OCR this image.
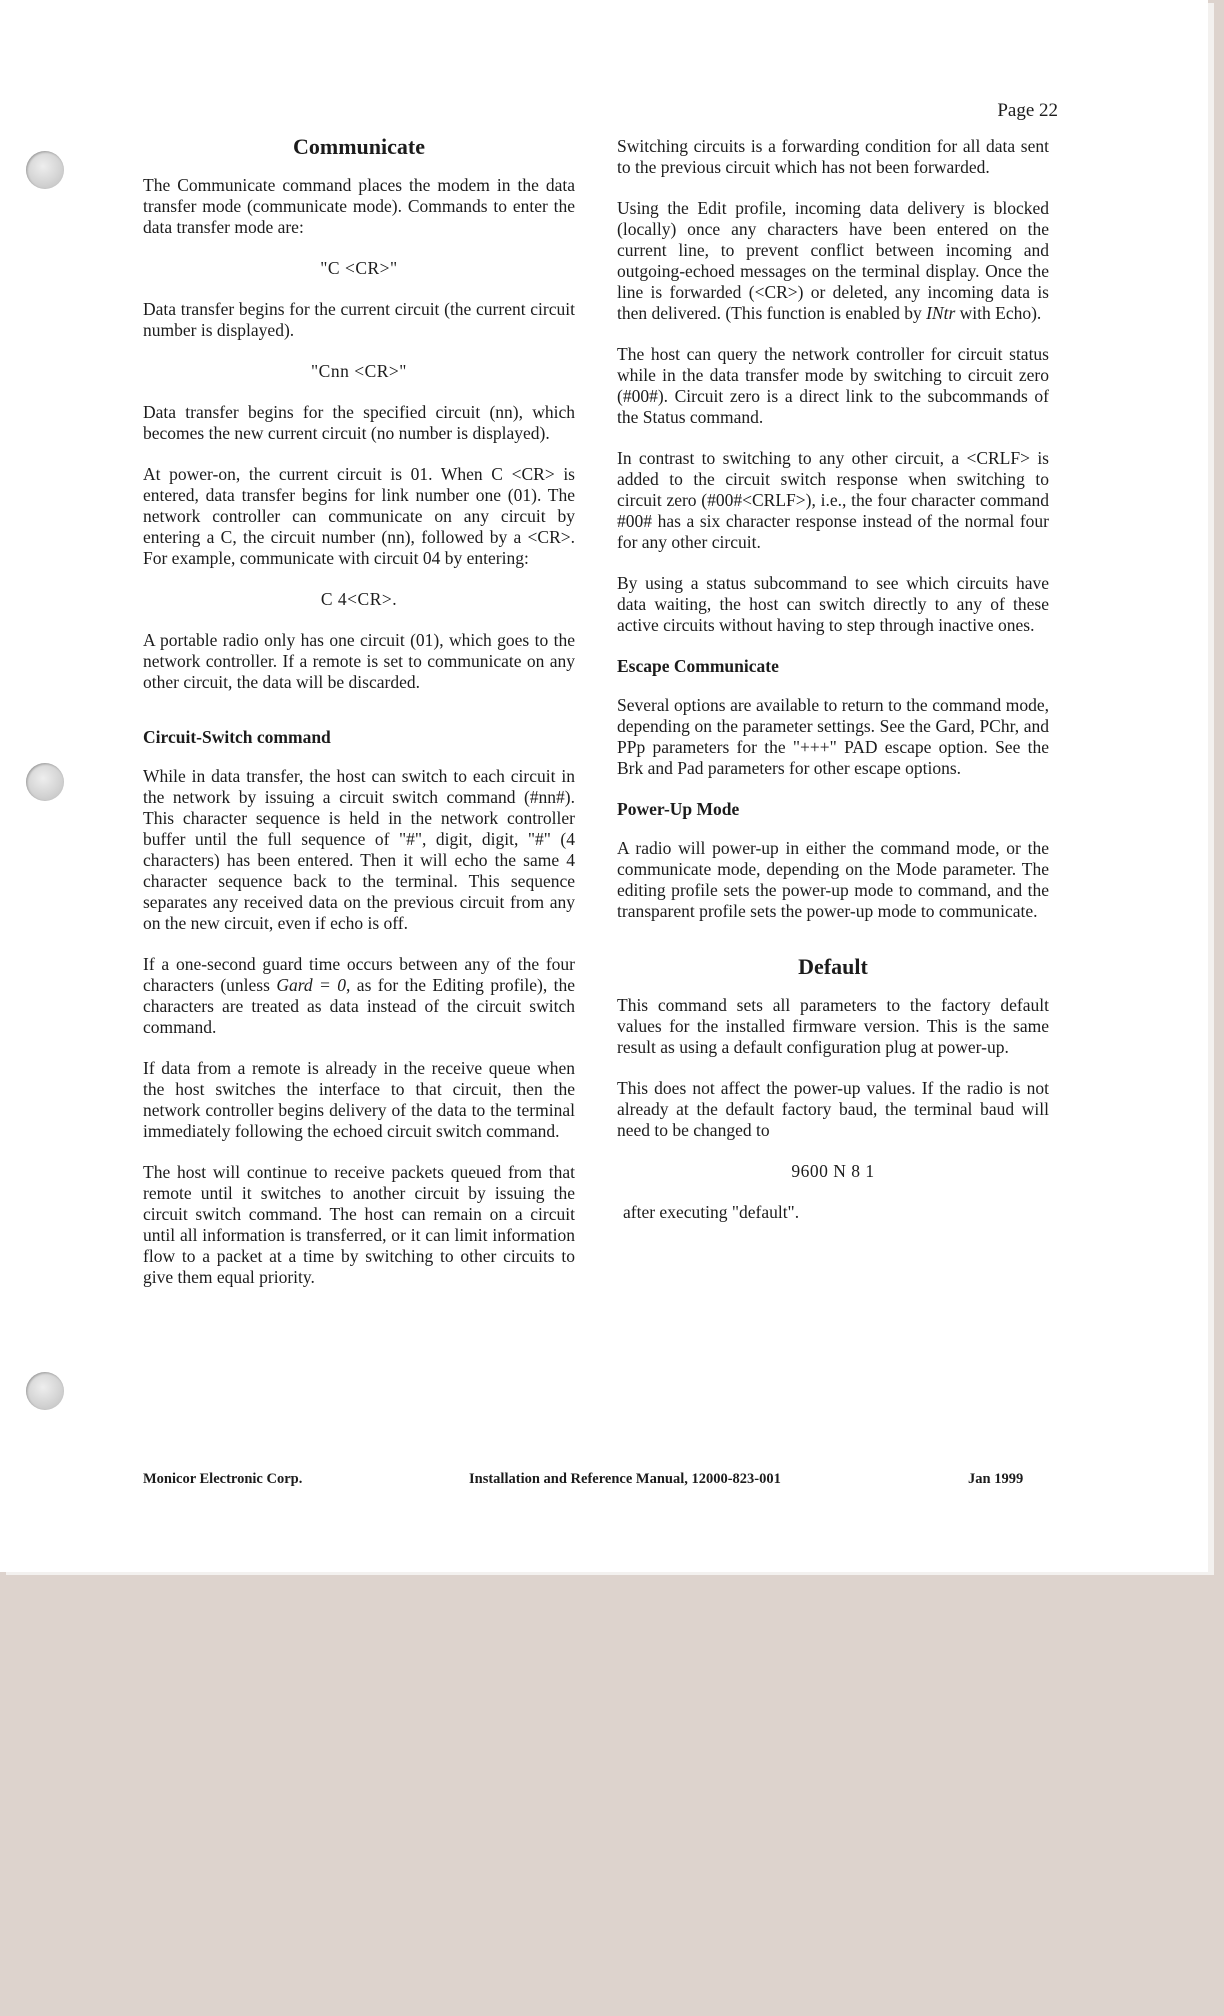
Page 22
Communicate

The Communicate command places the modem in the data transfer mode (communicate mode). Commands to enter the data transfer mode are:

"C <CR>"

Data transfer begins for the current circuit (the current circuit number is displayed).

"Cnn <CR>"

Data transfer begins for the specified circuit (nn), which becomes the new current circuit (no number is displayed).

At power-on, the current circuit is 01. When C <CR> is entered, data transfer begins for link number one (01). The network controller can communicate on any circuit by entering a C, the circuit number (nn), followed by a <CR>. For example, communicate with circuit 04 by entering:

C 4<CR>.

A portable radio only has one circuit (01), which goes to the network controller. If a remote is set to communicate on any other circuit, the data will be discarded.

Circuit-Switch command

While in data transfer, the host can switch to each circuit in the network by issuing a circuit switch command (#nn#). This character sequence is held in the network controller buffer until the full sequence of "#", digit, digit, "#" (4 characters) has been entered. Then it will echo the same 4 character sequence back to the terminal. This sequence separates any received data on the previous circuit from any on the new circuit, even if echo is off.

If a one-second guard time occurs between any of the four characters (unless Gard = 0, as for the Editing profile), the characters are treated as data instead of the circuit switch command.

If data from a remote is already in the receive queue when the host switches the interface to that circuit, then the network controller begins delivery of the data to the terminal immediately following the echoed circuit switch command.

The host will continue to receive packets queued from that remote until it switches to another circuit by issuing the circuit switch command. The host can remain on a circuit until all information is transferred, or it can limit information flow to a packet at a time by switching to other circuits to give them equal priority.

Switching circuits is a forwarding condition for all data sent to the previous circuit which has not been forwarded.

Using the Edit profile, incoming data delivery is blocked (locally) once any characters have been entered on the current line, to prevent conflict between incoming and outgoing-echoed messages on the terminal display. Once the line is forwarded (<CR>) or deleted, any incoming data is then delivered. (This function is enabled by INtr with Echo).

The host can query the network controller for circuit status while in the data transfer mode by switching to circuit zero (#00#). Circuit zero is a direct link to the subcommands of the Status command.

In contrast to switching to any other circuit, a <CRLF> is added to the circuit switch response when switching to circuit zero (#00#<CRLF>), i.e., the four character command #00# has a six character response instead of the normal four for any other circuit.

By using a status subcommand to see which circuits have data waiting, the host can switch directly to any of these active circuits without having to step through inactive ones.

Escape Communicate

Several options are available to return to the command mode, depending on the parameter settings. See the Gard, PChr, and PPp parameters for the "+++" PAD escape option. See the Brk and Pad parameters for other escape options.

Power-Up Mode

A radio will power-up in either the command mode, or the communicate mode, depending on the Mode parameter. The editing profile sets the power-up mode to command, and the transparent profile sets the power-up mode to communicate.

Default

This command sets all parameters to the factory default values for the installed firmware version. This is the same result as using a default configuration plug at power-up.

This does not affect the power-up values. If the radio is not already at the default factory baud, the terminal baud will need to be changed to

9600 N 8 1

after executing "default".

Monicor Electronic Corp.	Installation and Reference Manual, 12000-823-001	Jan 1999
